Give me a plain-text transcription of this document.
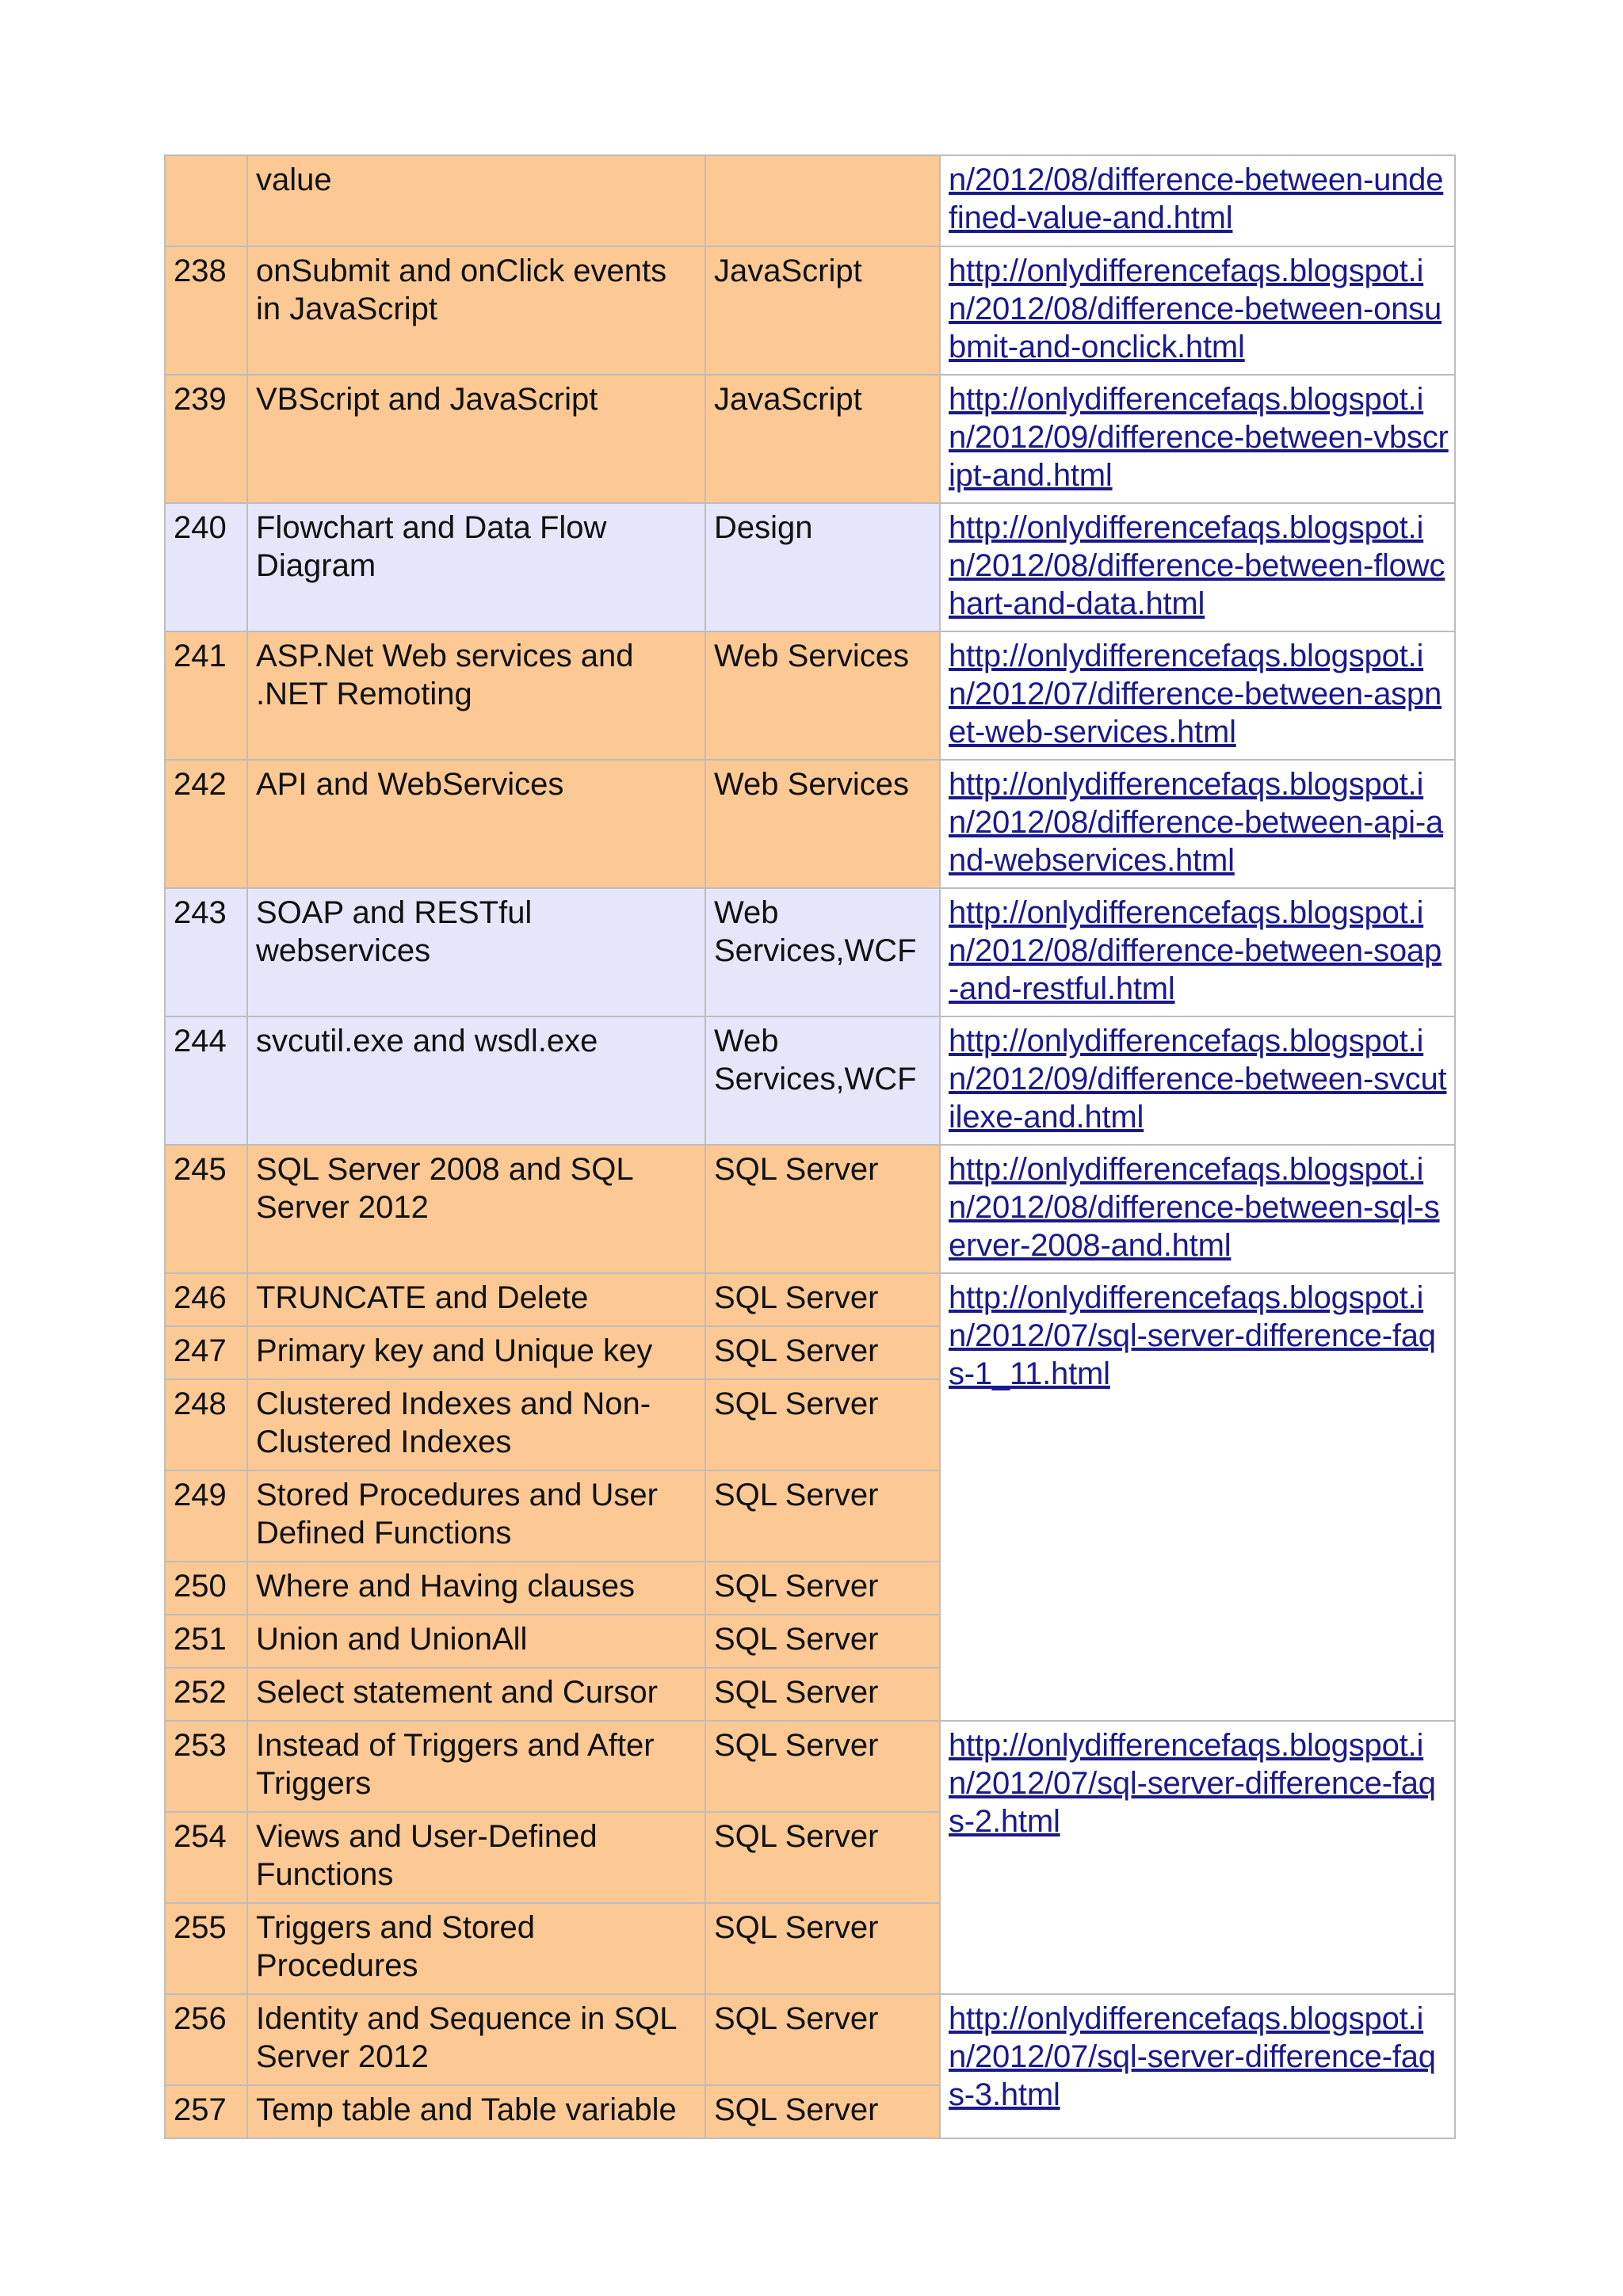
	value		n/2012/08/difference-between-undefined-value-and.html
238	onSubmit and onClick events in JavaScript	JavaScript	http://onlydifferencefaqs.blogspot.in/2012/08/difference-between-onsubmit-and-onclick.html
239	VBScript and JavaScript	JavaScript	http://onlydifferencefaqs.blogspot.in/2012/09/difference-between-vbscript-and.html
240	Flowchart and Data Flow Diagram	Design	http://onlydifferencefaqs.blogspot.in/2012/08/difference-between-flowchart-and-data.html
241	ASP.Net Web services and .NET Remoting	Web Services	http://onlydifferencefaqs.blogspot.in/2012/07/difference-between-aspnet-web-services.html
242	API and WebServices	Web Services	http://onlydifferencefaqs.blogspot.in/2012/08/difference-between-api-and-webservices.html
243	SOAP and RESTful webservices	Web Services,WCF	http://onlydifferencefaqs.blogspot.in/2012/08/difference-between-soap-and-restful.html
244	svcutil.exe and wsdl.exe	Web Services,WCF	http://onlydifferencefaqs.blogspot.in/2012/09/difference-between-svcutilexe-and.html
245	SQL Server 2008 and SQL Server 2012	SQL Server	http://onlydifferencefaqs.blogspot.in/2012/08/difference-between-sql-server-2008-and.html
246	TRUNCATE and Delete	SQL Server	http://onlydifferencefaqs.blogspot.in/2012/07/sql-server-difference-faqs-1_11.html
247	Primary key and Unique key	SQL Server	
248	Clustered Indexes and Non-Clustered Indexes	SQL Server	
249	Stored Procedures and User Defined Functions	SQL Server	
250	Where and Having clauses	SQL Server	
251	Union and UnionAll	SQL Server	
252	Select statement and Cursor	SQL Server	
253	Instead of Triggers and After Triggers	SQL Server	http://onlydifferencefaqs.blogspot.in/2012/07/sql-server-difference-faqs-2.html
254	Views and User-Defined Functions	SQL Server	
255	Triggers and Stored Procedures	SQL Server	
256	Identity and Sequence in SQL Server 2012	SQL Server	http://onlydifferencefaqs.blogspot.in/2012/07/sql-server-difference-faqs-3.html
257	Temp table and Table variable	SQL Server	
